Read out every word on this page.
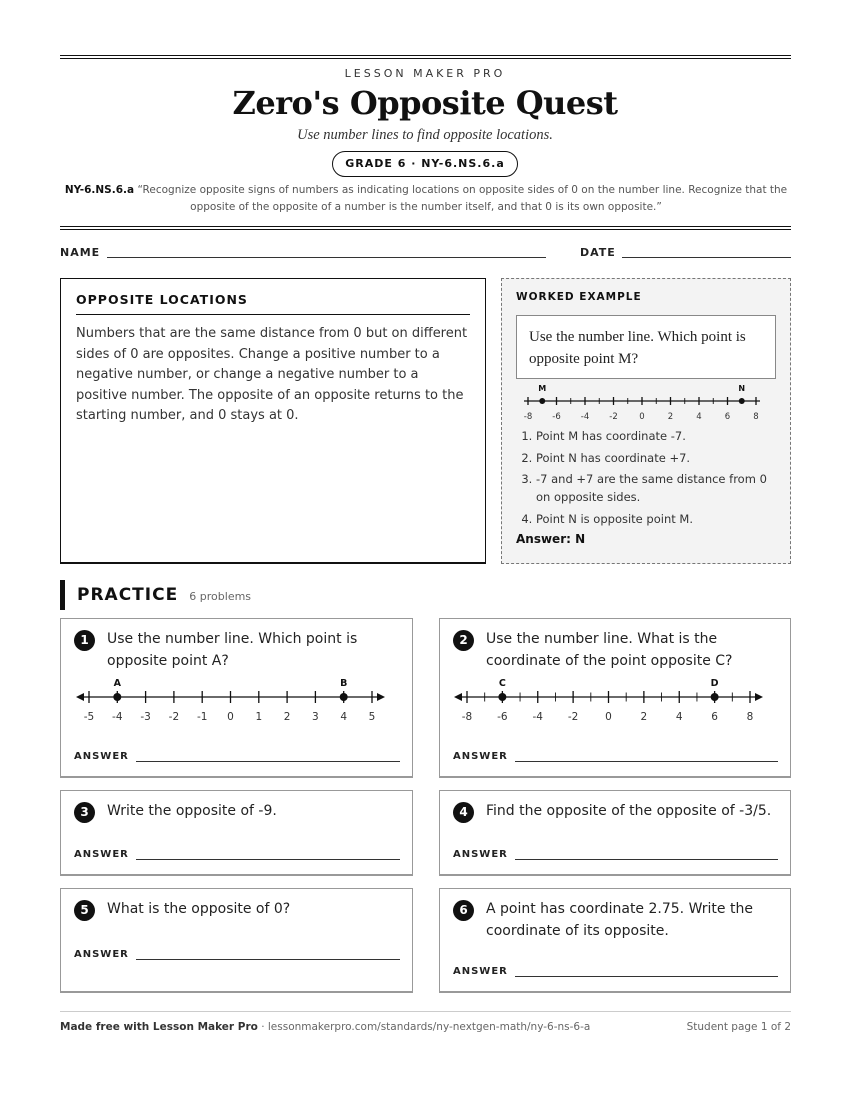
LESSON MAKER PRO
Zero's Opposite Quest
Use number lines to find opposite locations.
GRADE 6 · NY-6.NS.6.a
NY-6.NS.6.a “Recognize opposite signs of numbers as indicating locations on opposite sides of 0 on the number line. Recognize that the opposite of the opposite of a number is the number itself, and that 0 is its own opposite.”
NAME	DATE
OPPOSITE LOCATIONS

Numbers that are the same distance from 0 but on different sides of 0 are opposites. Change a positive number to a negative number, or change a negative number to a positive number. The opposite of an opposite returns to the starting number, and 0 stays at 0.

WORKED EXAMPLE
Use the number line. Which point is opposite point M?
-8 -6 -4 -2	0	2	4	6	8
M	N
1. Point M has coordinate -7.
2. Point N has coordinate +7.
3. -7 and +7 are the same distance from 0 on opposite sides.
4. Point N is opposite point M.
Answer: N
PRACTICE 6 problems
1	Use the number line. Which point is opposite point A?
-5 -4 -3 -2 -1 0 1 2 3 4 5
A	B
ANSWER
2	Use the number line. What is the coordinate of the point opposite C?
-8 -6 -4 -2	0	2	4	6	8
C	D
ANSWER
3	Write the opposite of -9.
ANSWER
4	Find the opposite of the opposite of -3/5.
ANSWER
5	What is the opposite of 0?
ANSWER
6	A point has coordinate 2.75. Write the coordinate of its opposite.
ANSWER
Made free with Lesson Maker Pro · lessonmakerpro.com/standards/ny-nextgen-math/ny-6-ns-6-a	Student page 1 of 2
